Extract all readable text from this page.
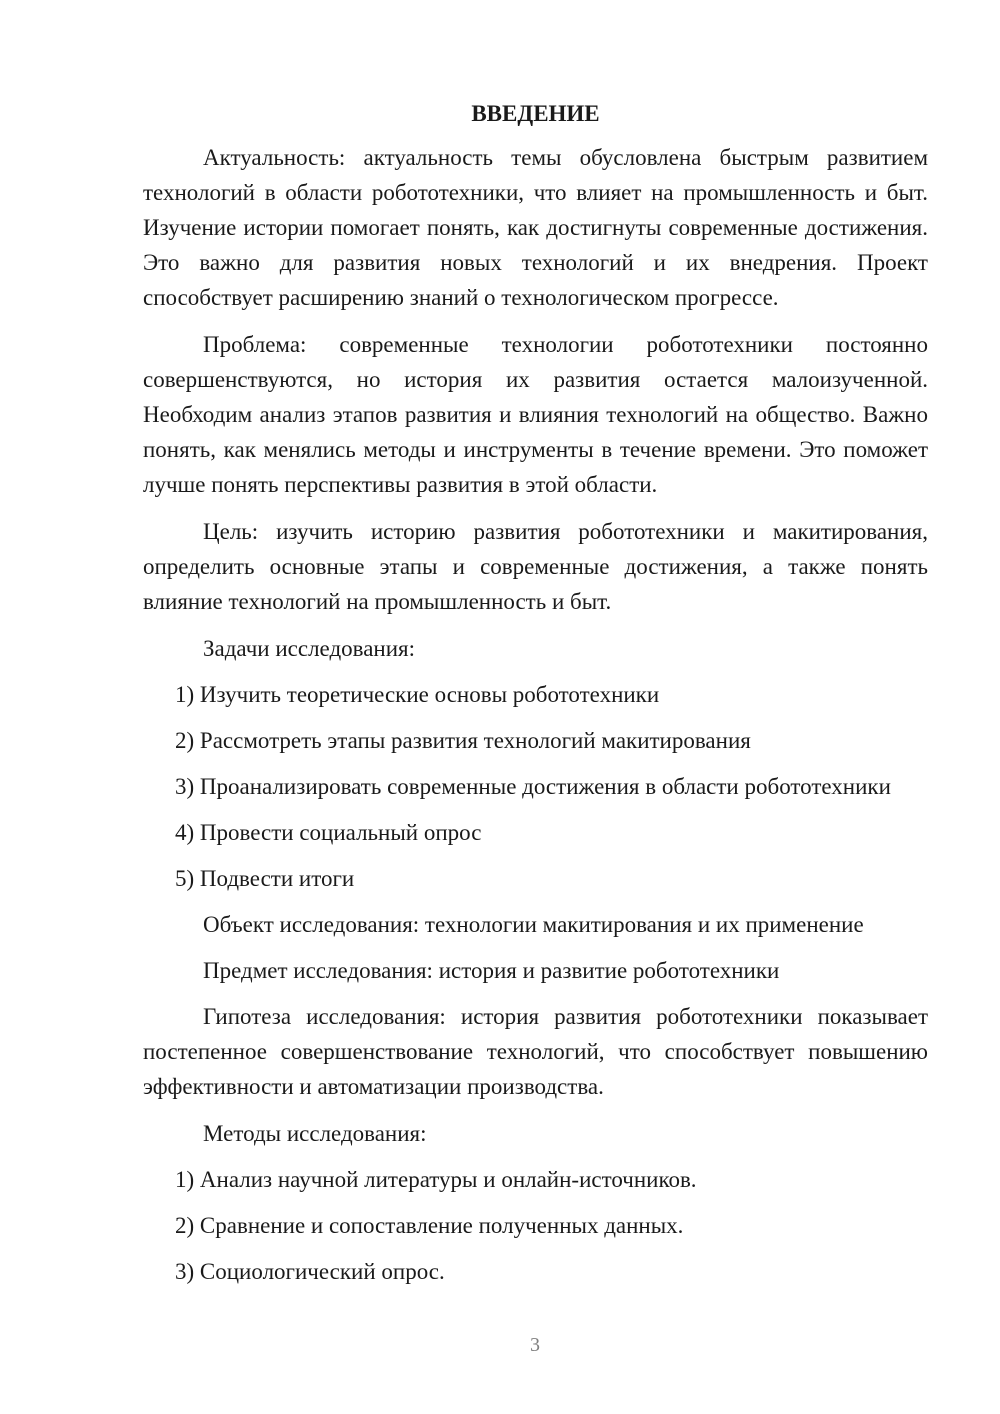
ВВЕДЕНИЕ

Актуальность: актуальность темы обусловлена быстрым развитием технологий в области робототехники, что влияет на промышленность и быт. Изучение истории помогает понять, как достигнуты современные достижения. Это важно для развития новых технологий и их внедрения. Проект способствует расширению знаний о технологическом прогрессе.

Проблема: современные технологии робототехники постоянно совершенствуются, но история их развития остается малоизученной. Необходим анализ этапов развития и влияния технологий на общество. Важно понять, как менялись методы и инструменты в течение времени. Это поможет лучше понять перспективы развития в этой области.

Цель: изучить историю развития робототехники и макитирования, определить основные этапы и современные достижения, а также понять влияние технологий на промышленность и быт.

Задачи исследования:

1) Изучить теоретические основы робототехники

2) Рассмотреть этапы развития технологий макитирования

3) Проанализировать современные достижения в области робототехники

4) Провести социальный опрос

5) Подвести итоги

Объект исследования: технологии макитирования и их применение

Предмет исследования: история и развитие робототехники

Гипотеза исследования: история развития робототехники показывает постепенное совершенствование технологий, что способствует повышению эффективности и автоматизации производства.

Методы исследования:

1) Анализ научной литературы и онлайн-источников.

2) Сравнение и сопоставление полученных данных.

3) Социологический опрос.

3
